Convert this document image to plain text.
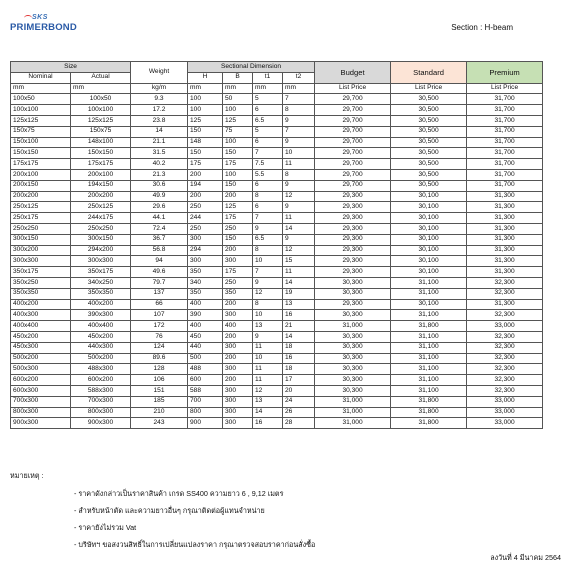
SKS
PRIMERBOND	Section : H-beam
Size		Weight	Sectional Dimension				Budget	Standard	Premium
Nominal	Actual		H	B	t1	t2			
mm	mm	kg/m	mm	mm	mm	mm	List Price	List Price	List Price
100x50	100x50	9.3	100	50	5	7	29,700	30,500	31,700
100x100	100x100	17.2	100	100	6	8	29,700	30,500	31,700
125x125	125x125	23.8	125	125	6.5	9	29,700	30,500	31,700
150x75	150x75	14	150	75	5	7	29,700	30,500	31,700
150x100	148x100	21.1	148	100	6	9	29,700	30,500	31,700
150x150	150x150	31.5	150	150	7	10	29,700	30,500	31,700
175x175	175x175	40.2	175	175	7.5	11	29,700	30,500	31,700
200x100	200x100	21.3	200	100	5.5	8	29,700	30,500	31,700
200x150	194x150	30.6	194	150	6	9	29,700	30,500	31,700
200x200	200x200	49.9	200	200	8	12	29,300	30,100	31,300
250x125	250x125	29.6	250	125	6	9	29,300	30,100	31,300
250x175	244x175	44.1	244	175	7	11	29,300	30,100	31,300
250x250	250x250	72.4	250	250	9	14	29,300	30,100	31,300
300x150	300x150	36.7	300	150	6.5	9	29,300	30,100	31,300
300x200	294x200	56.8	294	200	8	12	29,300	30,100	31,300
300x300	300x300	94	300	300	10	15	29,300	30,100	31,300
350x175	350x175	49.6	350	175	7	11	29,300	30,100	31,300
350x250	340x250	79.7	340	250	9	14	30,300	31,100	32,300
350x350	350x350	137	350	350	12	19	30,300	31,100	32,300
400x200	400x200	66	400	200	8	13	29,300	30,100	31,300
400x300	390x300	107	390	300	10	16	30,300	31,100	32,300
400x400	400x400	172	400	400	13	21	31,000	31,800	33,000
450x200	450x200	76	450	200	9	14	30,300	31,100	32,300
450x300	440x300	124	440	300	11	18	30,300	31,100	32,300
500x200	500x200	89.6	500	200	10	16	30,300	31,100	32,300
500x300	488x300	128	488	300	11	18	30,300	31,100	32,300
600x200	600x200	106	600	200	11	17	30,300	31,100	32,300
600x300	588x300	151	588	300	12	20	30,300	31,100	32,300
700x300	700x300	185	700	300	13	24	31,000	31,800	33,000
800x300	800x300	210	800	300	14	26	31,000	31,800	33,000
900x300	900x300	243	900	300	16	28	31,000	31,800	33,000
หมายเหตุ :
- ราคาดังกล่าวเป็นราคาสินค้า เกรด SS400 ความยาว 6 , 9,12 เมตร
- สำหรับหน้าตัด และความยาวอื่นๆ กรุณาติดต่อผู้แทนจำหน่าย
- ราคายังไม่รวม Vat
- บริษัทฯ ขอสงวนสิทธิ์ในการเปลี่ยนแปลงราคา กรุณาตรวจสอบราคาก่อนสั่งซื้อ
ลงวันที่ 4 มีนาคม 2564
